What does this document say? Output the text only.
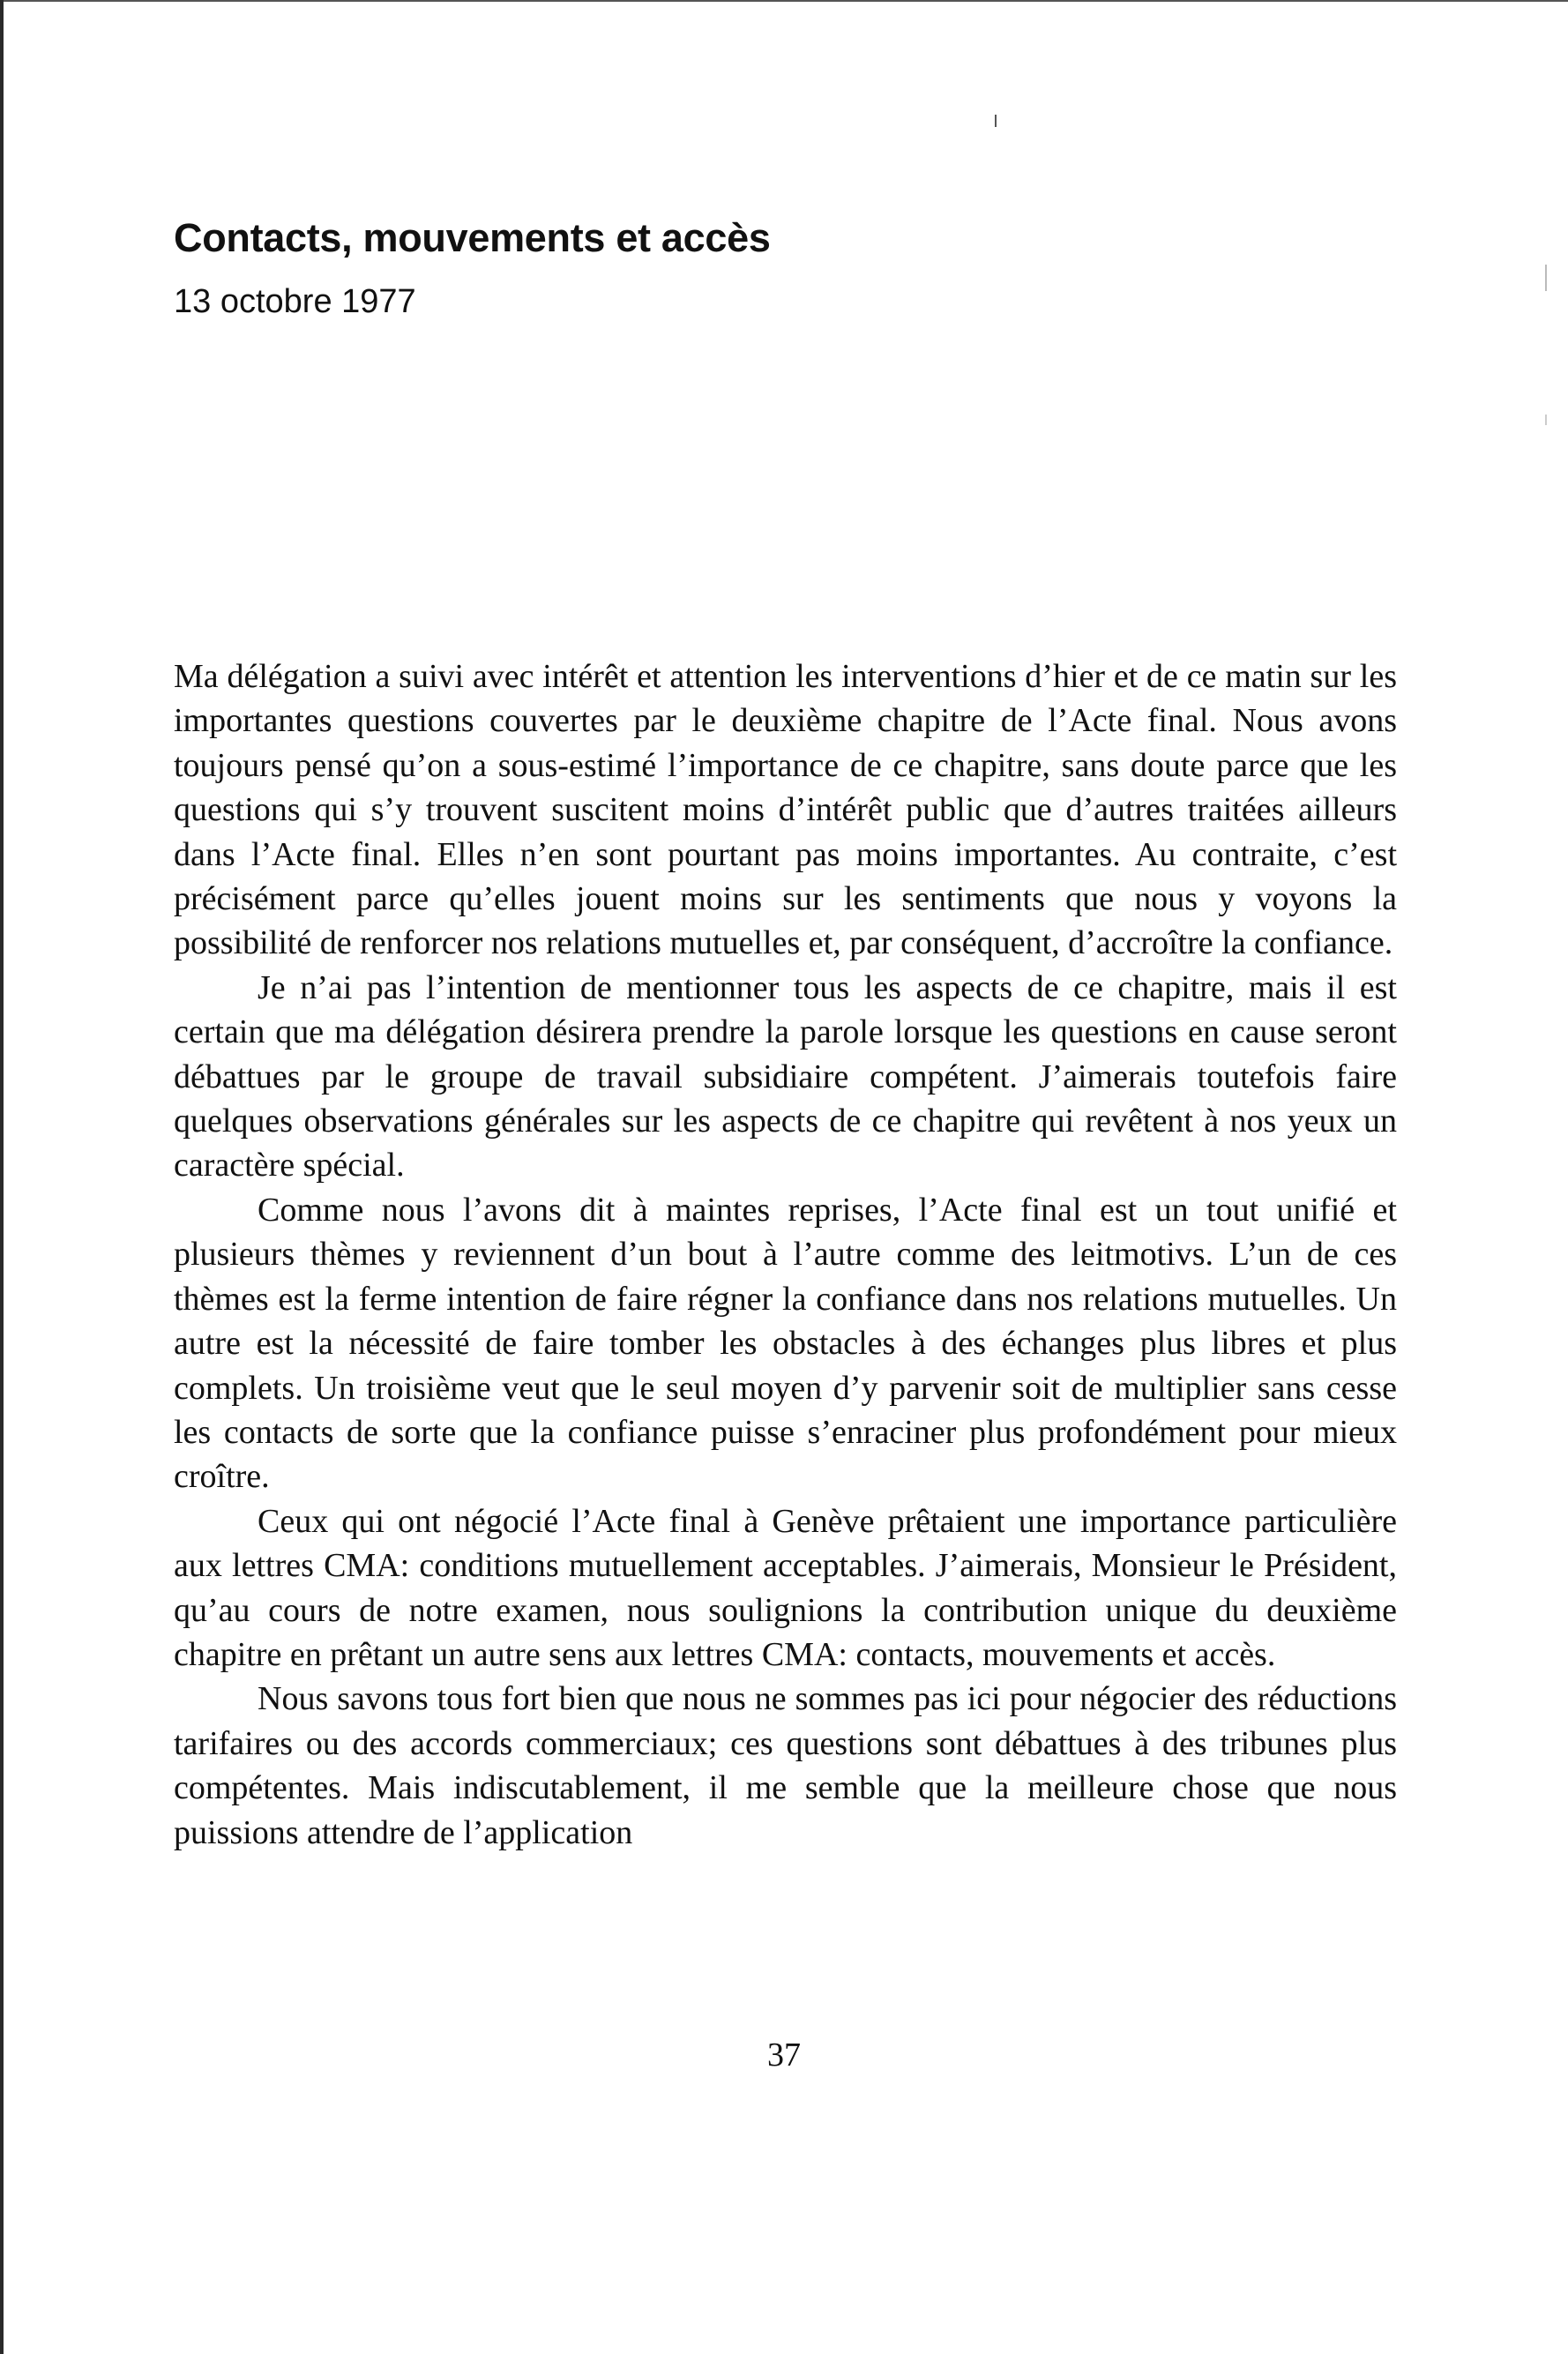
Contacts, mouvements et accès

13 octobre 1977

Ma délégation a suivi avec intérêt et attention les interventions d’hier et de ce matin sur les importantes questions couvertes par le deuxième chapitre de l’Acte final. Nous avons toujours pensé qu’on a sous-estimé l’importance de ce chapitre, sans doute parce que les questions qui s’y trouvent suscitent moins d’intérêt public que d’autres traitées ailleurs dans l’Acte final. Elles n’en sont pourtant pas moins importantes. Au contraite, c’est précisément parce qu’elles jouent moins sur les sentiments que nous y voyons la possibilité de renforcer nos relations mutuelles et, par conséquent, d’accroître la confiance.

Je n’ai pas l’intention de mentionner tous les aspects de ce chapitre, mais il est certain que ma délégation désirera prendre la parole lorsque les questions en cause seront débattues par le groupe de travail subsidiaire compétent. J’aimerais toutefois faire quelques observations générales sur les aspects de ce chapitre qui revêtent à nos yeux un caractère spécial.

Comme nous l’avons dit à maintes reprises, l’Acte final est un tout unifié et plusieurs thèmes y reviennent d’un bout à l’autre comme des leitmotivs. L’un de ces thèmes est la ferme intention de faire régner la confiance dans nos relations mutuelles. Un autre est la nécessité de faire tomber les obstacles à des échanges plus libres et plus complets. Un troisième veut que le seul moyen d’y parvenir soit de multiplier sans cesse les contacts de sorte que la confiance puisse s’enraciner plus profondément pour mieux croître.

Ceux qui ont négocié l’Acte final à Genève prêtaient une importance particulière aux lettres CMA: conditions mutuellement acceptables. J’aimerais, Monsieur le Président, qu’au cours de notre examen, nous soulignions la contribution unique du deuxième chapitre en prêtant un autre sens aux lettres CMA: contacts, mouvements et accès.

Nous savons tous fort bien que nous ne sommes pas ici pour négocier des réductions tarifaires ou des accords commerciaux; ces questions sont débattues à des tribunes plus compétentes. Mais indiscutablement, il me semble que la meilleure chose que nous puissions attendre de l’application

37
